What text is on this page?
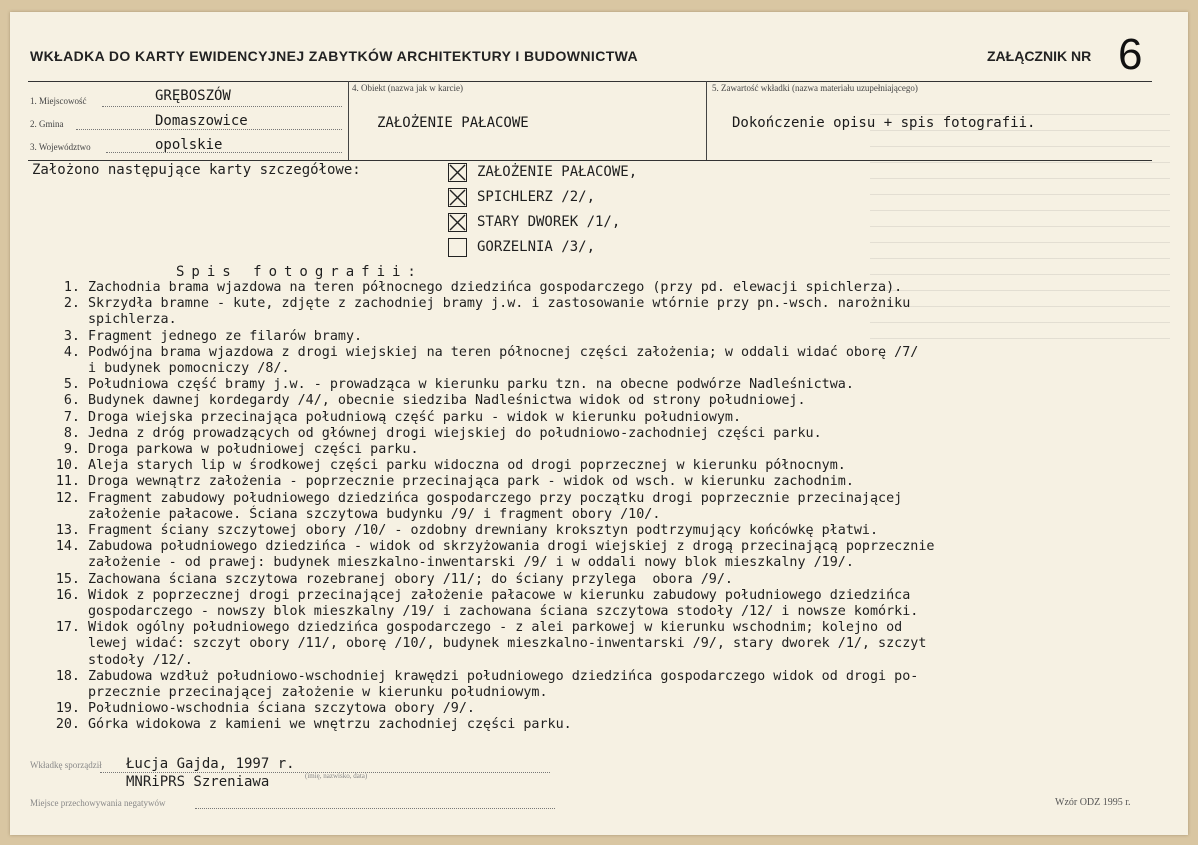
WKŁADKA DO KARTY EWIDENCYJNEJ ZABYTKÓW ARCHITEKTURY I BUDOWNICTWA	ZAŁĄCZNIK NR 6
1. Miejscowość	GRĘBOSZÓW
2. Gmina	Domaszowice
3. Województwo	opolskie
4. Obiekt (nazwa jak w karcie)
ZAŁOŻENIE PAŁACOWE
5. Zawartość wkładki (nazwa materiału uzupełniającego)
Dokończenie opisu + spis fotografii.
Założono następujące karty szczegółowe:	ZAŁOŻENIE PAŁACOWE,
SPICHLERZ /2/,
STARY DWOREK /1/,
GORZELNIA /3/,
Spis fotografii:
1. Zachodnia brama wjazdowa na teren północnego dziedzińca gospodarczego (przy pd. elewacji spichlerza).
2. Skrzydła bramne - kute, zdjęte z zachodniej bramy j.w. i zastosowanie wtórnie przy pn.-wsch. narożniku
spichlerza.
3. Fragment jednego ze filarów bramy.
4. Podwójna brama wjazdowa z drogi wiejskiej na teren północnej części założenia; w oddali widać oborę /7/
i budynek pomocniczy /8/.
5. Południowa część bramy j.w. - prowadząca w kierunku parku tzn. na obecne podwórze Nadleśnictwa.
6. Budynek dawnej kordegardy /4/, obecnie siedziba Nadleśnictwa widok od strony południowej.
7. Droga wiejska przecinająca południową część parku - widok w kierunku południowym.
8. Jedna z dróg prowadzących od głównej drogi wiejskiej do południowo-zachodniej części parku.
9. Droga parkowa w południowej części parku.
10. Aleja starych lip w środkowej części parku widoczna od drogi poprzecznej w kierunku północnym.
11. Droga wewnątrz założenia - poprzecznie przecinająca park - widok od wsch. w kierunku zachodnim.
12. Fragment zabudowy południowego dziedzińca gospodarczego przy początku drogi poprzecznie przecinającej
założenie pałacowe. Ściana szczytowa budynku /9/ i fragment obory /10/.
13. Fragment ściany szczytowej obory /10/ - ozdobny drewniany kroksztyn podtrzymujący końcówkę płatwi.
14. Zabudowa południowego dziedzińca - widok od skrzyżowania drogi wiejskiej z drogą przecinającą poprzecznie
założenie - od prawej: budynek mieszkalno-inwentarski /9/ i w oddali nowy blok mieszkalny /19/.
15. Zachowana ściana szczytowa rozebranej obory /11/; do ściany przylega  obora /9/.
16. Widok z poprzecznej drogi przecinającej założenie pałacowe w kierunku zabudowy południowego dziedzińca
gospodarczego - nowszy blok mieszkalny /19/ i zachowana ściana szczytowa stodoły /12/ i nowsze komórki.
17. Widok ogólny południowego dziedzińca gospodarczego - z alei parkowej w kierunku wschodnim; kolejno od
lewej widać: szczyt obory /11/, oborę /10/, budynek mieszkalno-inwentarski /9/, stary dworek /1/, szczyt
stodoły /12/.
18. Zabudowa wzdłuż południowo-wschodniej krawędzi południowego dziedzińca gospodarczego widok od drogi po-
przecznie przecinającej założenie w kierunku południowym.
19. Południowo-wschodnia ściana szczytowa obory /9/.
20. Górka widokowa z kamieni we wnętrzu zachodniej części parku.
Wkładkę sporządził Łucja Gajda, 1997 r.
MNRiPRS Szreniawa	(imię, nazwisko, data)
Miejsce przechowywania negatywów	Wzór ODZ 1995 r.
